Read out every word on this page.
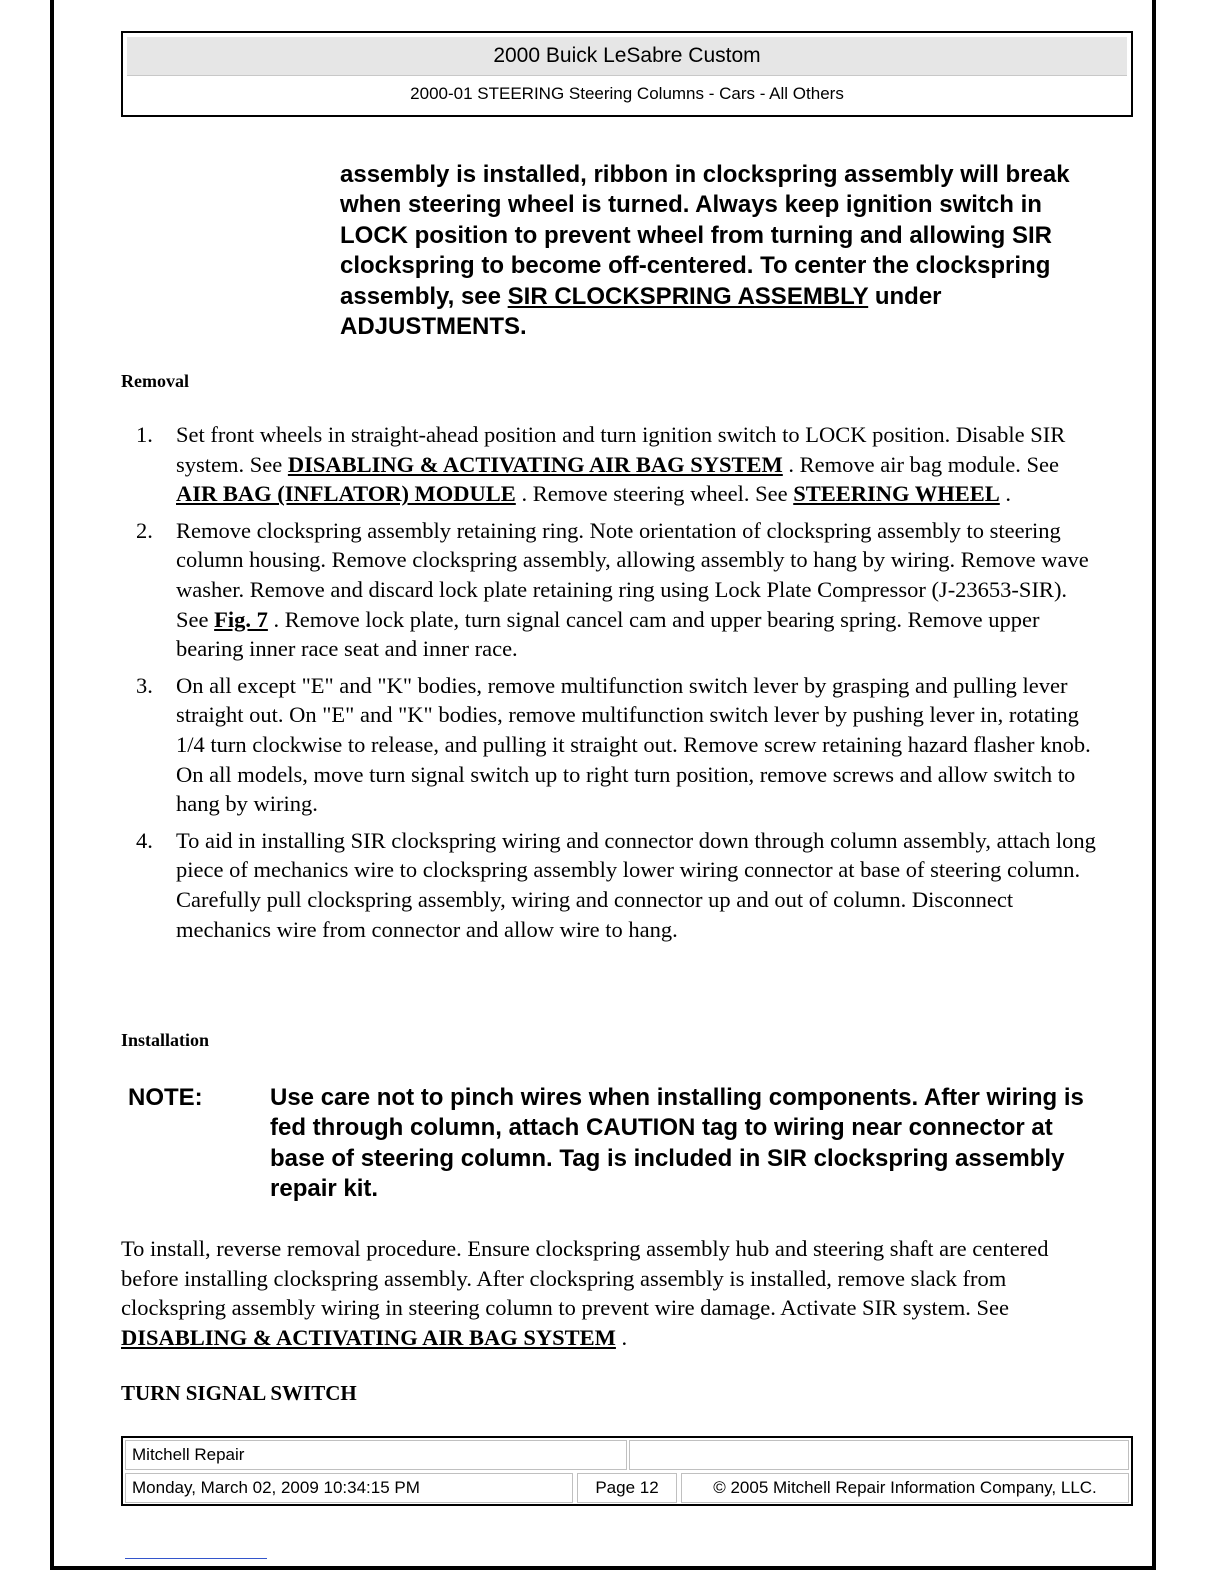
2000 Buick LeSabre Custom
2000-01 STEERING Steering Columns - Cars - All Others
assembly is installed, ribbon in clockspring assembly will break when steering wheel is turned. Always keep ignition switch in LOCK position to prevent wheel from turning and allowing SIR clockspring to become off-centered. To center the clockspring assembly, see SIR CLOCKSPRING ASSEMBLY under ADJUSTMENTS.
Removal
1.	Set front wheels in straight-ahead position and turn ignition switch to LOCK position. Disable SIR system. See DISABLING & ACTIVATING AIR BAG SYSTEM . Remove air bag module. See AIR BAG (INFLATOR) MODULE . Remove steering wheel. See STEERING WHEEL .
2.	Remove clockspring assembly retaining ring. Note orientation of clockspring assembly to steering column housing. Remove clockspring assembly, allowing assembly to hang by wiring. Remove wave washer. Remove and discard lock plate retaining ring using Lock Plate Compressor (J-23653-SIR). See Fig. 7 . Remove lock plate, turn signal cancel cam and upper bearing spring. Remove upper bearing inner race seat and inner race.
3.	On all except "E" and "K" bodies, remove multifunction switch lever by grasping and pulling lever straight out. On "E" and "K" bodies, remove multifunction switch lever by pushing lever in, rotating 1/4 turn clockwise to release, and pulling it straight out. Remove screw retaining hazard flasher knob. On all models, move turn signal switch up to right turn position, remove screws and allow switch to hang by wiring.
4.	To aid in installing SIR clockspring wiring and connector down through column assembly, attach long piece of mechanics wire to clockspring assembly lower wiring connector at base of steering column. Carefully pull clockspring assembly, wiring and connector up and out of column. Disconnect mechanics wire from connector and allow wire to hang.
Installation
NOTE:	Use care not to pinch wires when installing components. After wiring is fed through column, attach CAUTION tag to wiring near connector at base of steering column. Tag is included in SIR clockspring assembly repair kit.
To install, reverse removal procedure. Ensure clockspring assembly hub and steering shaft are centered before installing clockspring assembly. After clockspring assembly is installed, remove slack from clockspring assembly wiring in steering column to prevent wire damage. Activate SIR system. See DISABLING & ACTIVATING AIR BAG SYSTEM .
TURN SIGNAL SWITCH
Mitchell Repair
Monday, March 02, 2009 10:34:15 PM	Page 12	© 2005 Mitchell Repair Information Company, LLC.
